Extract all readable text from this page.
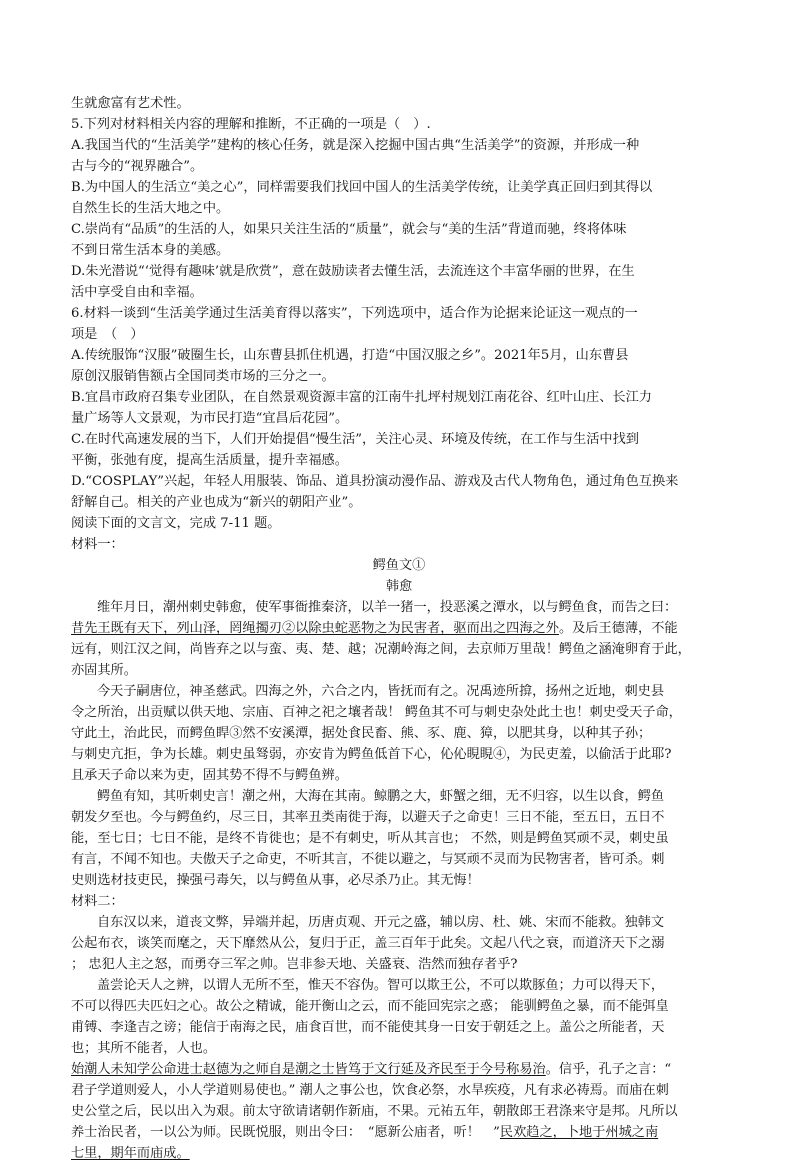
生就愈富有艺术性。

5.下列对材料相关内容的理解和推断，不正确的一项是（　）.

A.我国当代的“生活美学”建构的核心任务，就是深入挖掘中国古典“生活美学”的资源，并形成一种

古与今的“视界融合”。

B.为中国人的生活立“美之心”，同样需要我们找回中国人的生活美学传统，让美学真正回归到其得以

自然生长的生活大地之中。

C.崇尚有“品质”的生活的人，如果只关注生活的“质量”，就会与“美的生活”背道而驰，终将体味

不到日常生活本身的美感。

D.朱光潜说“‘觉得有趣味’就是欣赏”，意在鼓励读者去懂生活，去流连这个丰富华丽的世界，在生

活中享受自由和幸福。

6.材料一谈到“生活美学通过生活美育得以落实”，下列选项中，适合作为论据来论证这一观点的一

项是　（　）

A.传统服饰“汉服”破圈生长，山东曹县抓住机遇，打造“中国汉服之乡”。2021年5月，山东曹县

原创汉服销售额占全国同类市场的三分之一。

B.宜昌市政府召集专业团队，在自然景观资源丰富的江南牛扎坪村规划江南花谷、红叶山庄、长江力

量广场等人文景观，为市民打造“宜昌后花园”。

C.在时代高速发展的当下，人们开始提倡“慢生活”，关注心灵、环境及传统，在工作与生活中找到

平衡，张弛有度，提高生活质量，提升幸福感。

D.“COSPLAY”兴起，年轻人用服装、饰品、道具扮演动漫作品、游戏及古代人物角色，通过角色互换来

舒解自己。相关的产业也成为“新兴的朝阳产业”。

阅读下面的文言文，完成 7-11 题。

材料一：

鳄鱼文①

韩愈

维年月日，潮州刺史韩愈，使军事衙推秦济，以羊一猪一，投恶溪之潭水，以与鳄鱼食，而告之曰：

昔先王既有天下，列山泽，罔绳擉刃②以除虫蛇恶物之为民害者，驱而出之四海之外。及后王德薄，不能

远有，则江汉之间，尚皆弃之以与蛮、夷、楚、越；况潮岭海之间，去京师万里哉！鳄鱼之涵淹卵育于此，

亦固其所。

今天子嗣唐位，神圣慈武。四海之外，六合之内，皆抚而有之。况禹迹所揜，扬州之近地，刺史县

令之所治，出贡赋以供天地、宗庙、百神之祀之壤者哉！ 鳄鱼其不可与刺史杂处此土也！刺史受天子命，

守此土，治此民，而鳄鱼睅③然不安溪潭，据处食民畜、熊、豕、鹿、獐，以肥其身，以种其子孙；

与刺史亢拒，争为长雄。刺史虽驽弱，亦安肯为鳄鱼低首下心，伈伈睍睍④，为民吏羞，以偷活于此耶?

且承天子命以来为吏，固其势不得不与鳄鱼辨。

鳄鱼有知，其听刺史言！潮之州，大海在其南。鲸鹏之大，虾蟹之细，无不归容，以生以食，鳄鱼

朝发夕至也。今与鳄鱼约，尽三日，其率丑类南徙于海，以避天子之命吏！三日不能，至五日，五日不

能，至七日；七日不能，是终不肯徙也；是不有刺史，听从其言也； 不然，则是鳄鱼冥顽不灵，刺史虽

有言，不闻不知也。夫傲天子之命吏，不听其言，不徙以避之，与冥顽不灵而为民物害者，皆可杀。刺

史则选材技吏民，操强弓毒矢，以与鳄鱼从事，必尽杀乃止。其无悔！

材料二：

自东汉以来，道丧文弊，异端并起，历唐贞观、开元之盛，辅以房、杜、姚、宋而不能救。独韩文

公起布衣，谈笑而麾之，天下靡然从公，复归于正，盖三百年于此矣。文起八代之衰，而道济天下之溺

； 忠犯人主之怒，而勇夺三军之帅。岂非参天地、关盛衰、浩然而独存者乎?

盖尝论天人之辨，以谓人无所不至，惟天不容伪。智可以欺王公，不可以欺豚鱼；力可以得天下，

不可以得匹夫匹妇之心。故公之精诚，能开衡山之云，而不能回宪宗之惑； 能驯鳄鱼之暴，而不能弭皇

甫镈、李逢吉之谤；能信于南海之民，庙食百世，而不能使其身一日安于朝廷之上。盖公之所能者，天

也；其所不能者，人也。

始潮人未知学公命进士赵德为之师自是潮之士皆笃于文行延及齐民至于今号称易治。信乎，孔子之言：“

君子学道则爱人，小人学道则易使也。” 潮人之事公也，饮食必祭，水旱疾疫，凡有求必祷焉。而庙在刺

史公堂之后，民以出入为艰。前太守欲请诸朝作新庙，不果。元祐五年，朝散郎王君涤来守是邦。凡所以

养士治民者，一以公为师。民既悦服，则出令曰：　“愿新公庙者，听！　”民欢趋之，卜地于州城之南

七里，期年而庙成。
